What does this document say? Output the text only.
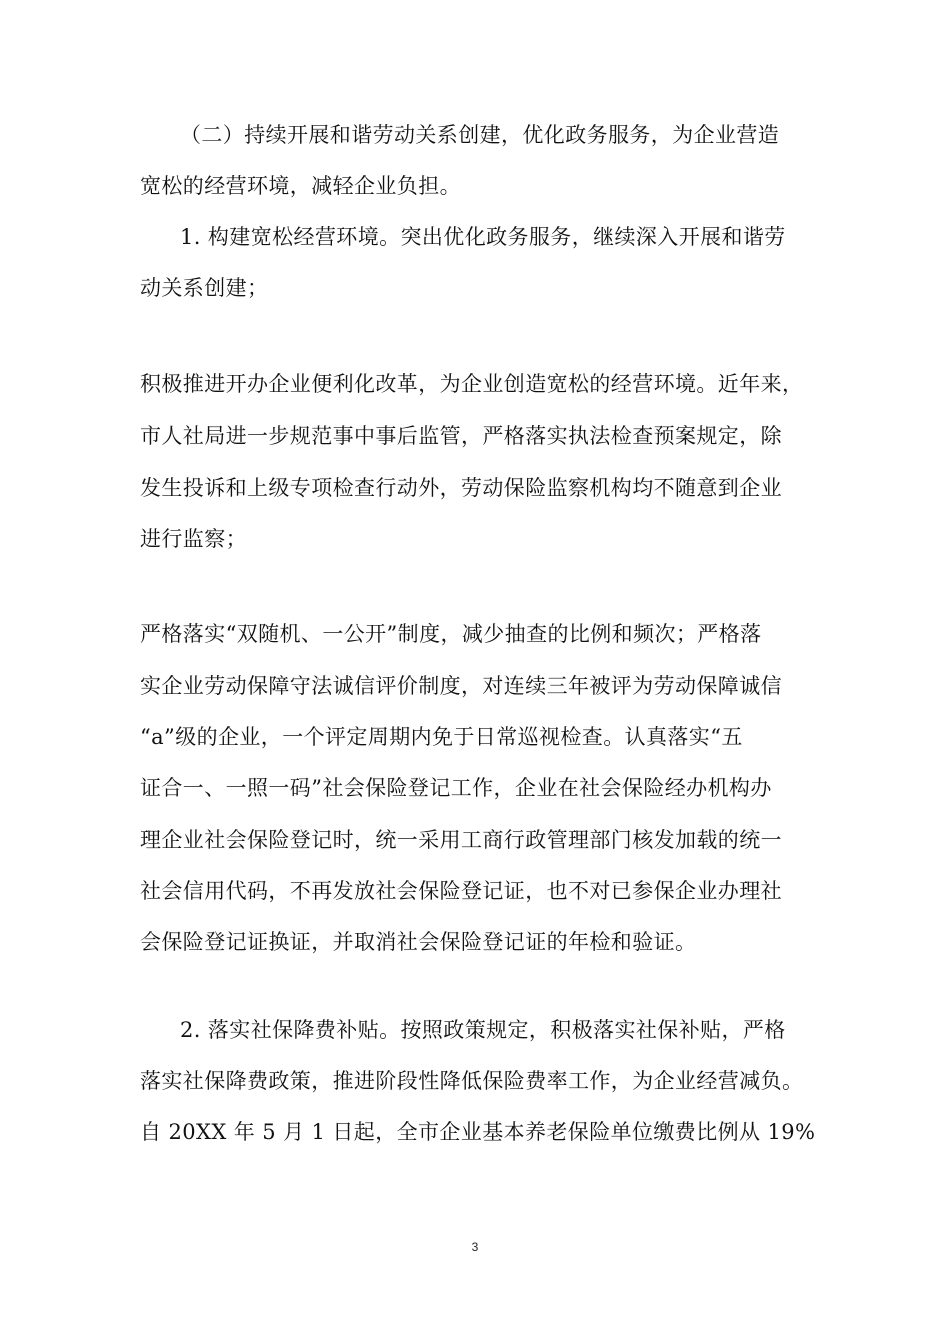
（二）持续开展和谐劳动关系创建，优化政务服务，为企业营造
宽松的经营环境，减轻企业负担。
1. 构建宽松经营环境。突出优化政务服务，继续深入开展和谐劳
动关系创建；
积极推进开办企业便利化改革，为企业创造宽松的经营环境。近年来，
市人社局进一步规范事中事后监管，严格落实执法检查预案规定，除
发生投诉和上级专项检查行动外，劳动保险监察机构均不随意到企业
进行监察；
严格落实“双随机、一公开”制度，减少抽查的比例和频次；严格落
实企业劳动保障守法诚信评价制度，对连续三年被评为劳动保障诚信
“a”级的企业，一个评定周期内免于日常巡视检查。认真落实“五
证合一、一照一码”社会保险登记工作，企业在社会保险经办机构办
理企业社会保险登记时，统一采用工商行政管理部门核发加载的统一
社会信用代码，不再发放社会保险登记证，也不对已参保企业办理社
会保险登记证换证，并取消社会保险登记证的年检和验证。
2. 落实社保降费补贴。按照政策规定，积极落实社保补贴，严格
落实社保降费政策，推进阶段性降低保险费率工作，为企业经营减负。
自 20XX 年 5 月 1 日起，全市企业基本养老保险单位缴费比例从 19%
3
